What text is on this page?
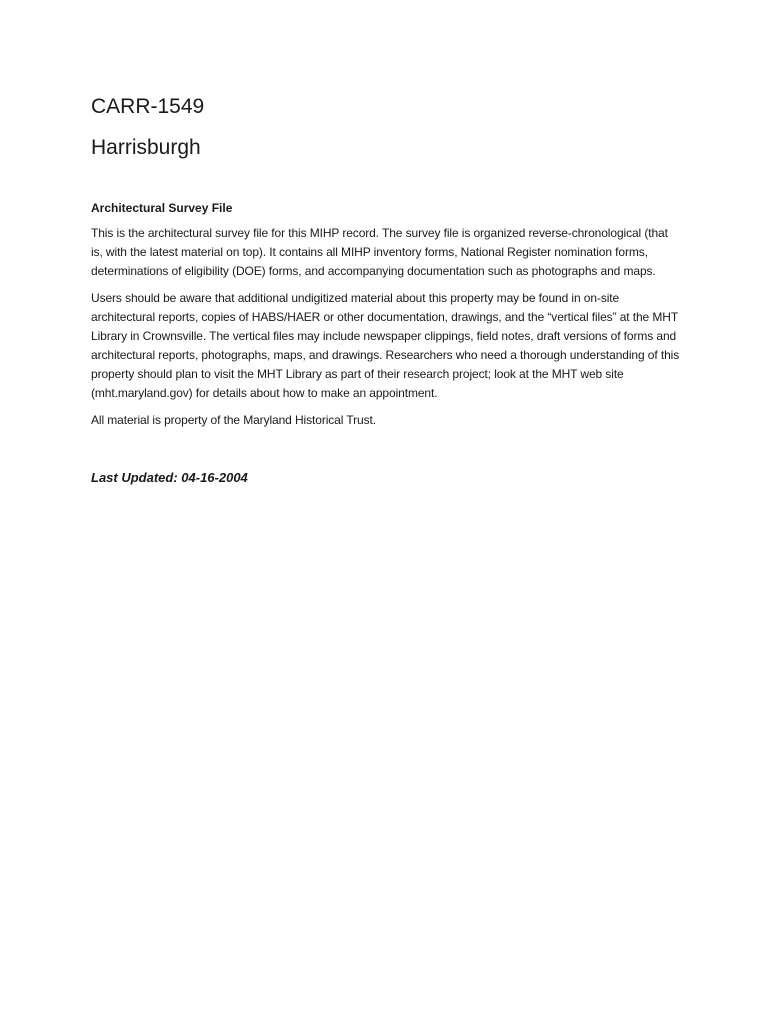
CARR-1549
Harrisburgh
Architectural Survey File

This is the architectural survey file for this MIHP record. The survey file is organized reverse-chronological (that is, with the latest material on top). It contains all MIHP inventory forms, National Register nomination forms, determinations of eligibility (DOE) forms, and accompanying documentation such as photographs and maps.

Users should be aware that additional undigitized material about this property may be found in on-site architectural reports, copies of HABS/HAER or other documentation, drawings, and the “vertical files” at the MHT Library in Crownsville. The vertical files may include newspaper clippings, field notes, draft versions of forms and architectural reports, photographs, maps, and drawings. Researchers who need a thorough understanding of this property should plan to visit the MHT Library as part of their research project; look at the MHT web site (mht.maryland.gov) for details about how to make an appointment.

All material is property of the Maryland Historical Trust.

Last Updated: 04-16-2004
